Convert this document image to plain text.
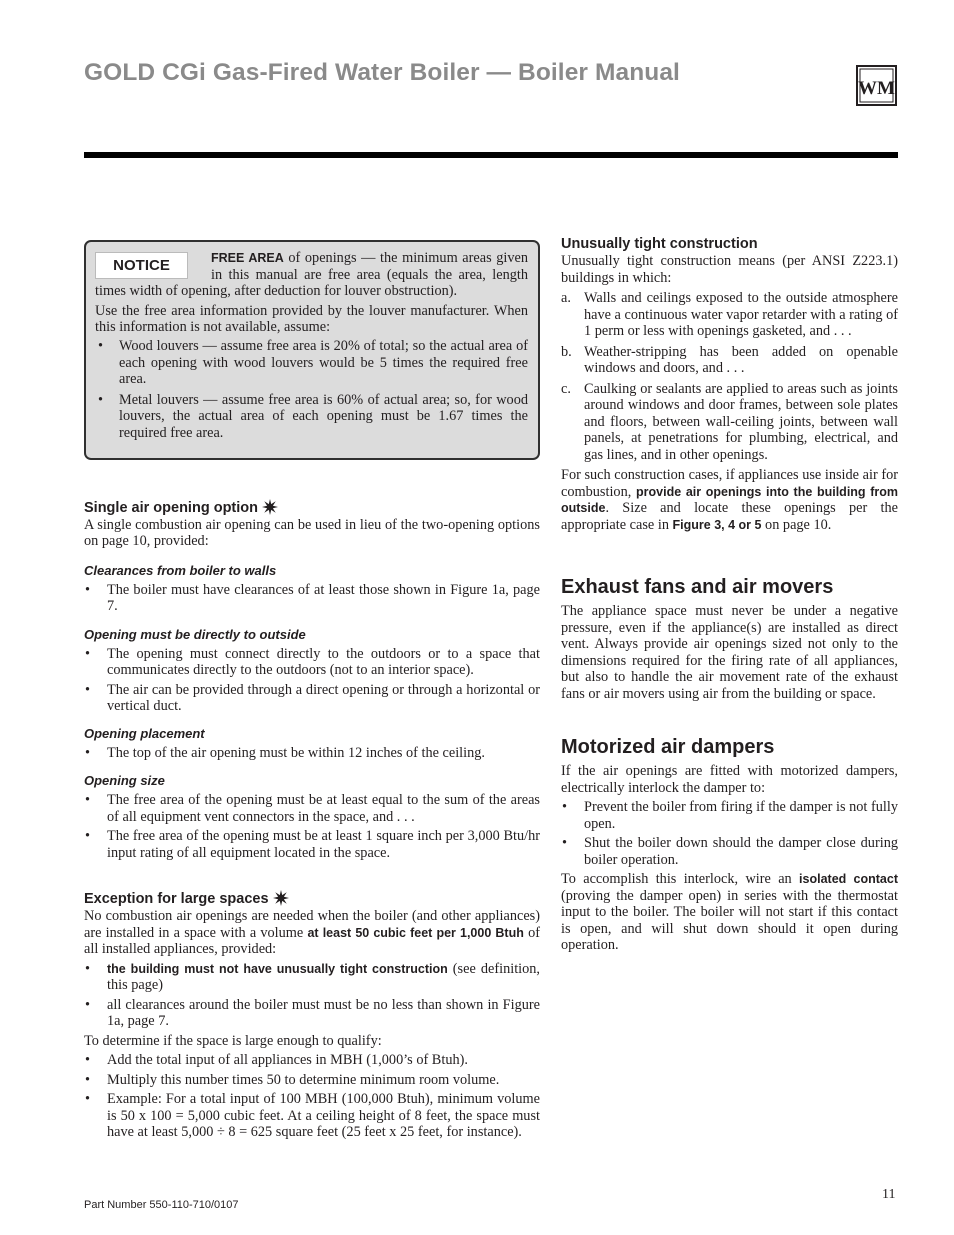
GOLD CGi Gas-Fired Water Boiler — Boiler Manual
WM
NOTICE	FREE AREA of openings — the minimum areas given in this manual are free area (equals the area, length times width of opening, after deduction for louver obstruction).
Use the free area information provided by the louver manufacturer. When this information is not available, assume:
• Wood louvers — assume free area is 20% of total; so the actual area of each opening with wood louvers would be 5 times the required free area.
• Metal louvers — assume free area is 60% of actual area; so, for wood louvers, the actual area of each opening must be 1.67 times the required free area.
Single air opening option

A single combustion air opening can be used in lieu of the two-opening options on page 10, provided:

Clearances from boiler to walls
• The boiler must have clearances of at least those shown in Figure 1a, page 7.
Opening must be directly to outside
• The opening must connect directly to the outdoors or to a space that communicates directly to the outdoors (not to an interior space).
• The air can be provided through a direct opening or through a horizontal or vertical duct.
Opening placement
• The top of the air opening must be within 12 inches of the ceiling.
Opening size
• The free area of the opening must be at least equal to the sum of the areas of all equipment vent connectors in the space, and . . .
• The free area of the opening must be at least 1 square inch per 3,000 Btu/hr input rating of all equipment located in the space.
Exception for large spaces

No combustion air openings are needed when the boiler (and other appliances) are installed in a space with a volume at least 50 cubic feet per 1,000 Btuh of all installed appliances, provided:

• the building must not have unusually tight construction (see definition, this page)
• all clearances around the boiler must must be no less than shown in Figure 1a, page 7.

To determine if the space is large enough to qualify:

• Add the total input of all appliances in MBH (1,000’s of Btuh).
• Multiply this number times 50 to determine minimum room volume.
• Example: For a total input of 100 MBH (100,000 Btuh), minimum volume is 50 x 100 = 5,000 cubic feet. At a ceiling height of 8 feet, the space must have at least 5,000 ÷ 8 = 625 square feet (25 feet x 25 feet, for instance).
Unusually tight construction

Unusually tight construction means (per ANSI Z223.1) buildings in which:

a. Walls and ceilings exposed to the outside atmosphere have a continuous water vapor retarder with a rating of 1 perm or less with openings gasketed, and . . .
b. Weather-stripping has been added on openable windows and doors, and . . .
c. Caulking or sealants are applied to areas such as joints around windows and door frames, between sole plates and floors, between wall-ceiling joints, between wall panels, at penetrations for plumbing, electrical, and gas lines, and in other openings.

For such construction cases, if appliances use inside air for combustion, provide air openings into the building from outside. Size and locate these openings per the appropriate case in Figure 3, 4 or 5 on page 10.

Exhaust fans and air movers

The appliance space must never be under a negative pressure, even if the appliance(s) are installed as direct vent. Always provide air openings sized not only to the dimensions required for the firing rate of all appliances, but also to handle the air movement rate of the exhaust fans or air movers using air from the building or space.

Motorized air dampers

If the air openings are fitted with motorized dampers, electrically interlock the damper to:

• Prevent the boiler from firing if the damper is not fully open.
• Shut the boiler down should the damper close during boiler operation.

To accomplish this interlock, wire an isolated contact (proving the damper open) in series with the thermostat input to the boiler. The boiler will not start if this contact is open, and will shut down should it open during operation.

Part Number 550-110-710/0107
11
